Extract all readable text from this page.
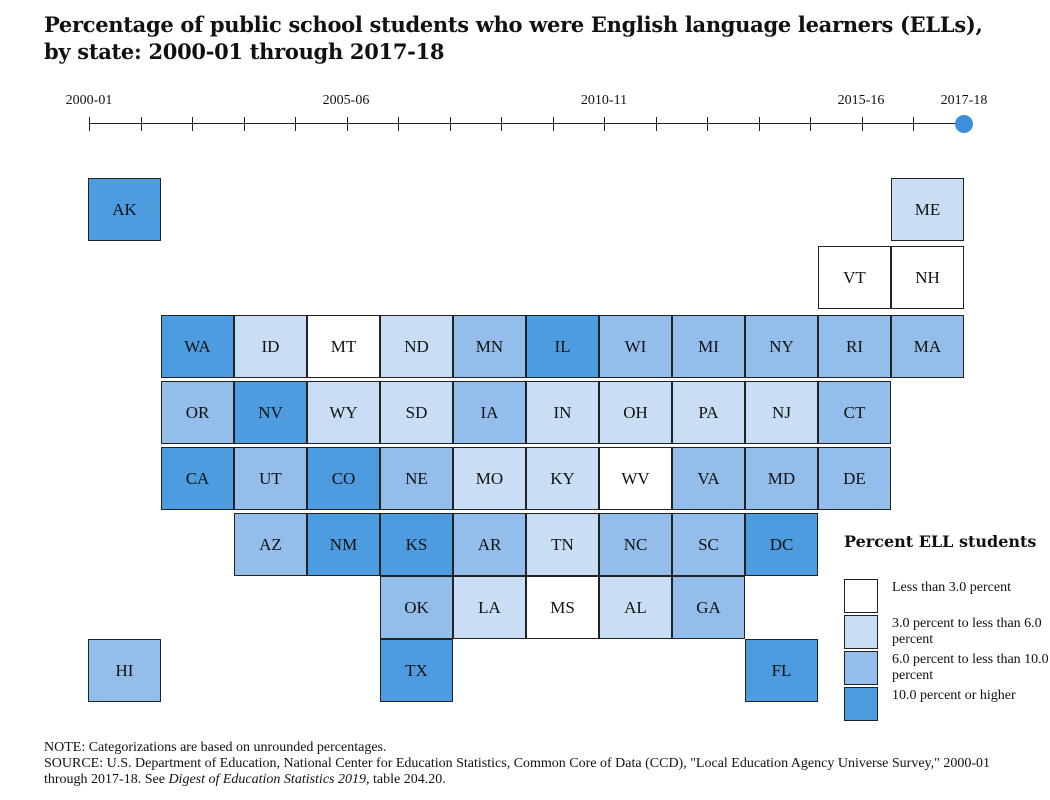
Percentage of public school students who were English language learners (ELLs), by state: 2000-01 through 2017-18
2000-01	2005-06	2010-11	2015-16	2017-18
AK	ME
VT	NH
WA	ID	MT	ND	MN	IL	WI	MI	NY	RI	MA
OR	NV	WY	SD	IA	IN	OH	PA	NJ	CT
CA	UT	CO	NE	MO	KY	WV	VA	MD	DE
AZ	NM	KS	AR	TN	NC	SC	DC
OK	LA	MS	AL	GA
HI	TX	FL

Percent ELL students

Less than 3.0 percent
3.0 percent to less than 6.0 percent
6.0 percent to less than 10.0 percent
10.0 percent or higher

NOTE: Categorizations are based on unrounded percentages.

SOURCE: U.S. Department of Education, National Center for Education Statistics, Common Core of Data (CCD), "Local Education Agency Universe Survey," 2000-01 through 2017-18. See Digest of Education Statistics 2019, table 204.20.
